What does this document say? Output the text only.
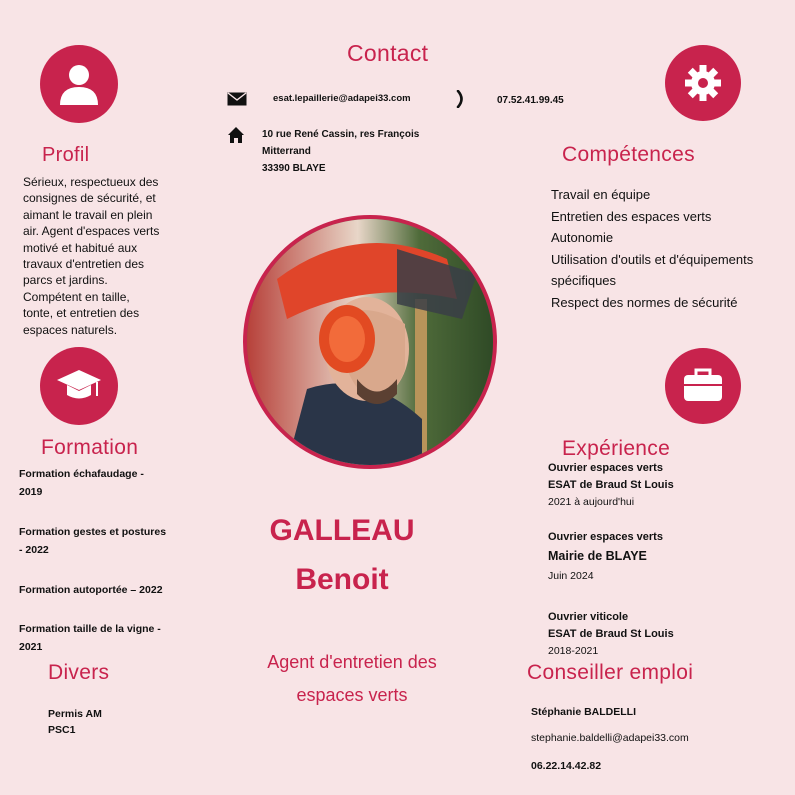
Contact
esat.lepaillerie@adapei33.com	07.52.41.99.45
10 rue René Cassin, res François
Mitterrand
33390 BLAYE
Profil
Sérieux, respectueux des
consignes de sécurité, et
aimant le travail en plein
air. Agent d'espaces verts
motivé et habitué aux
travaux d'entretien des
parcs et jardins.
Compétent en taille,
tonte, et entretien des
espaces naturels.
Compétences
Travail en équipe
Entretien des espaces verts
Autonomie
Utilisation d'outils et d'équipements
spécifiques
Respect des normes de sécurité
Formation
Formation échafaudage -
2019
Formation gestes et postures
- 2022
Formation autoportée – 2022
Formation taille de la vigne -
2021
Expérience
Ouvrier espaces verts
ESAT de Braud St Louis
2021 à aujourd'hui
Ouvrier espaces verts
Mairie de BLAYE
Juin 2024
Ouvrier viticole
ESAT de Braud St Louis
2018-2021
GALLEAU
Benoit
Agent d'entretien des
espaces verts
Divers
Permis AM
PSC1
Conseiller emploi
Stéphanie BALDELLI
stephanie.baldelli@adapei33.com
06.22.14.42.82
